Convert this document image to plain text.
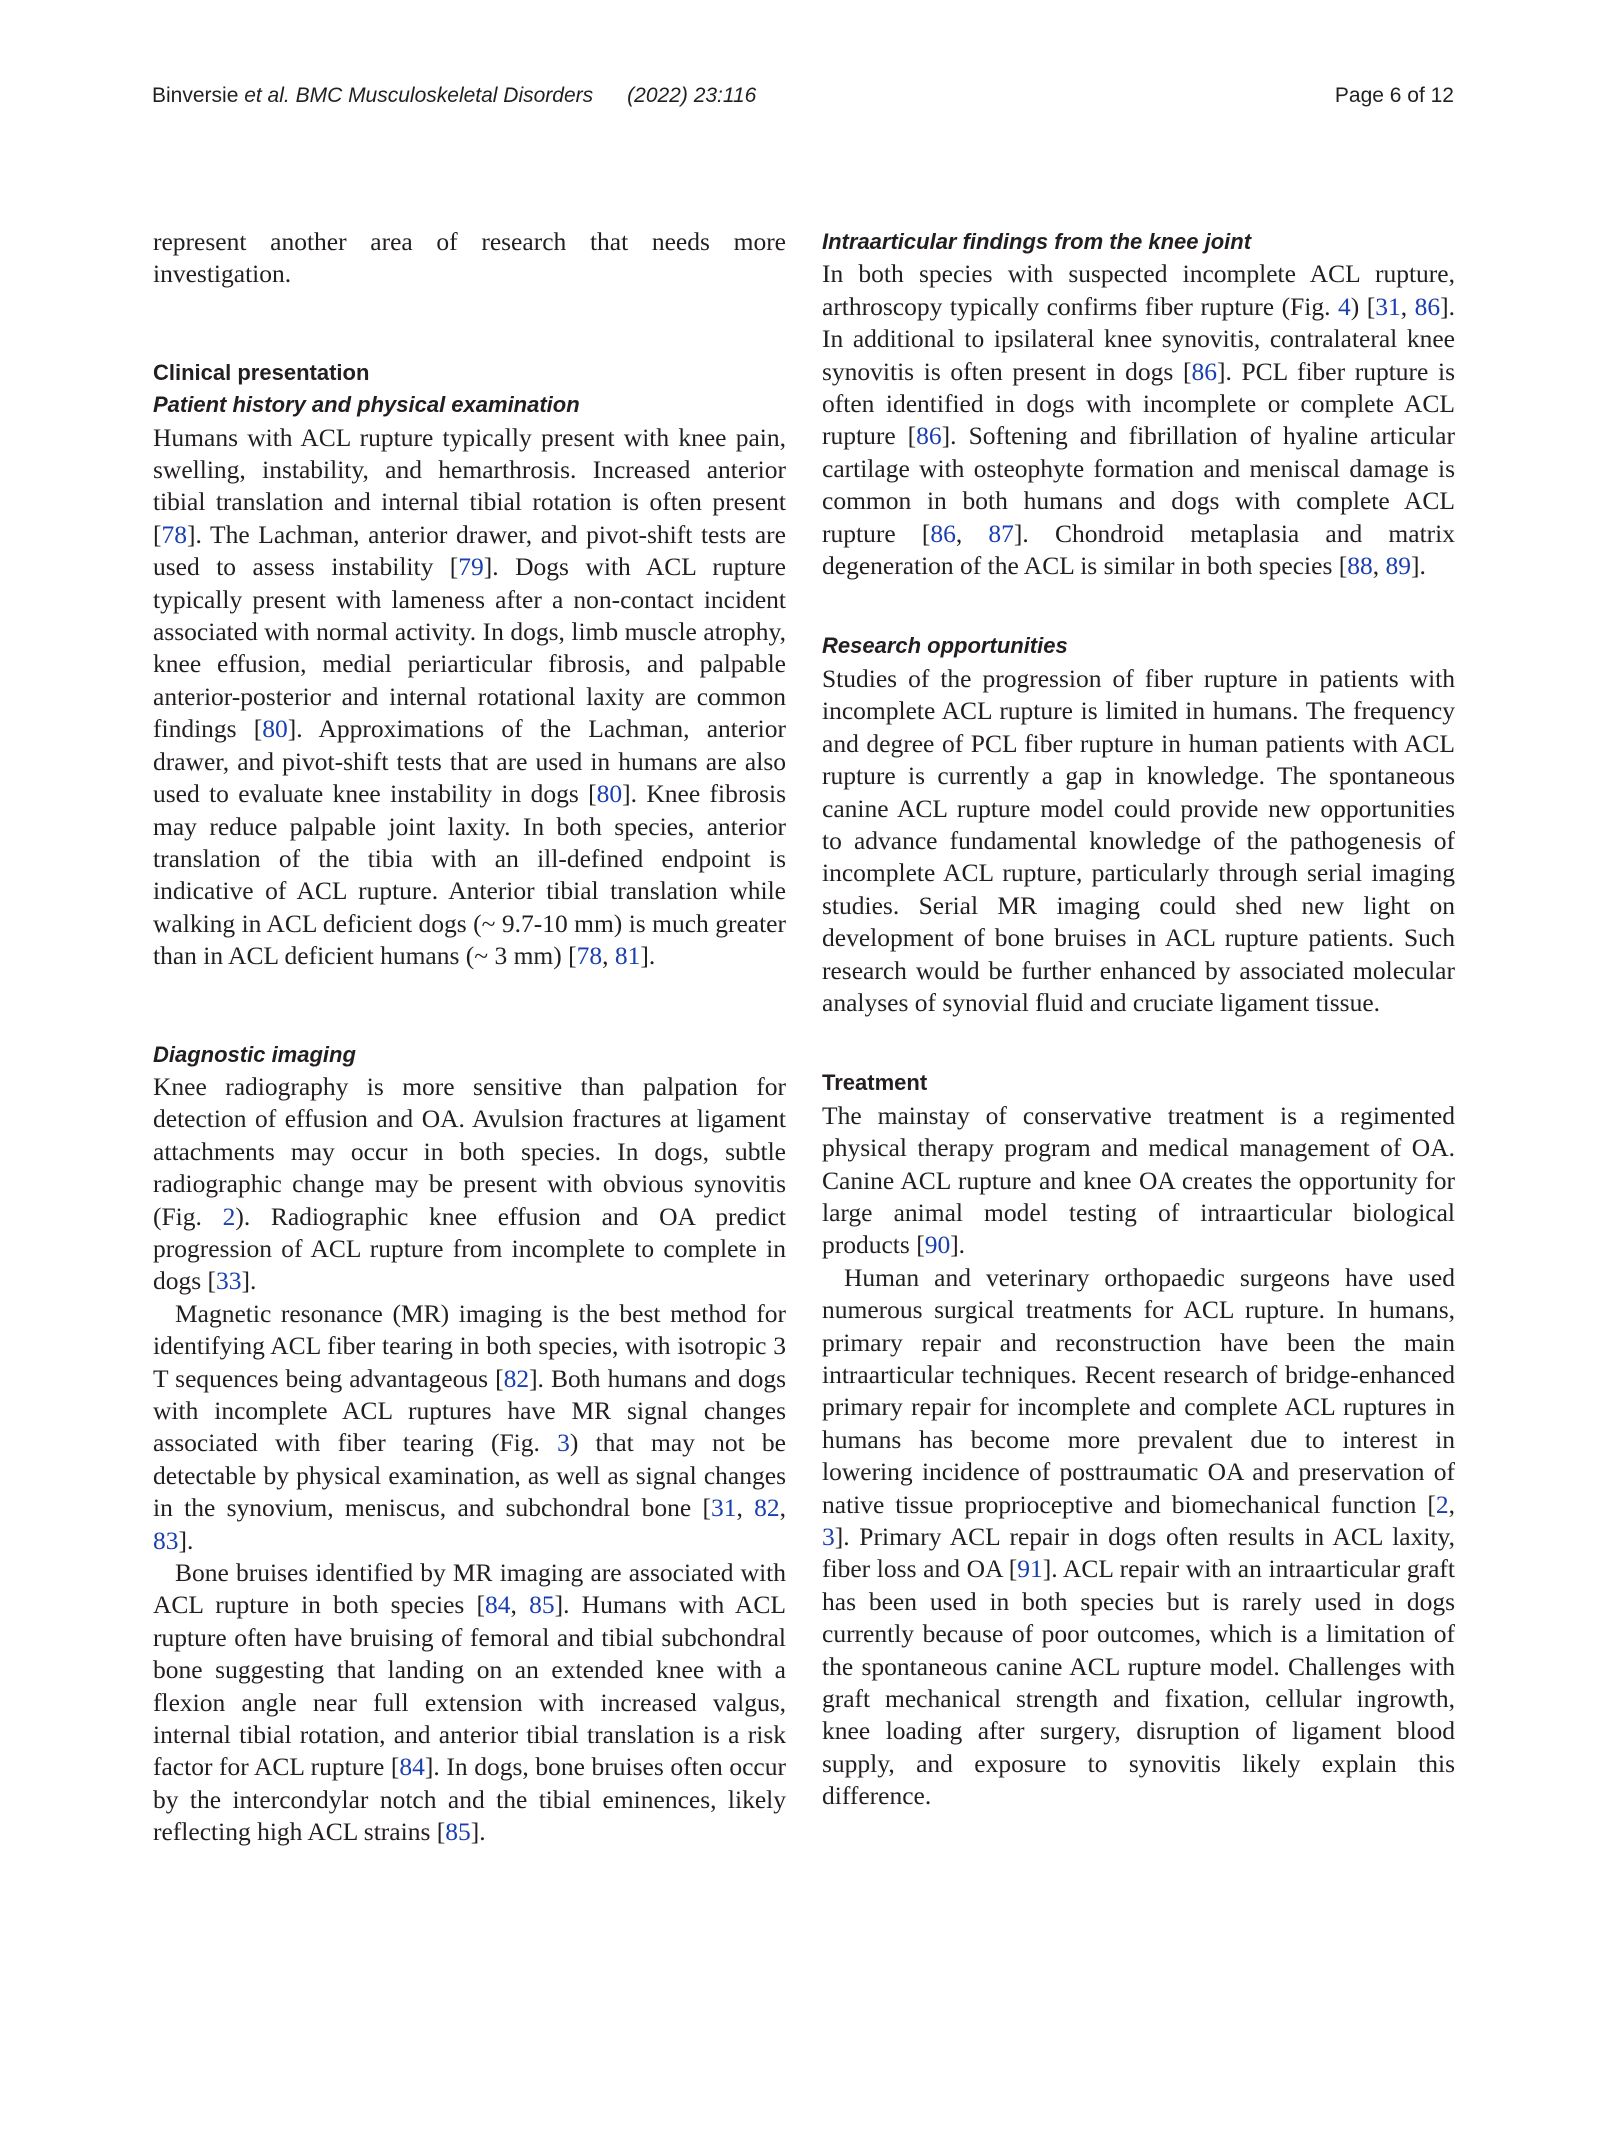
Binversie et al. BMC Musculoskeletal Disorders (2022) 23:116	Page 6 of 12

represent another area of research that needs more investigation.

Clinical presentation
Patient history and physical examination

Humans with ACL rupture typically present with knee pain, swelling, instability, and hemarthrosis. Increased anterior tibial translation and internal tibial rotation is often present [78]. The Lachman, anterior drawer, and pivot-shift tests are used to assess instability [79]. Dogs with ACL rupture typically present with lameness after a non-contact incident associated with normal activity. In dogs, limb muscle atrophy, knee effusion, medial periarticular fibrosis, and palpable anterior-posterior and internal rotational laxity are common findings [80]. Approximations of the Lachman, anterior drawer, and pivot-shift tests that are used in humans are also used to evaluate knee instability in dogs [80]. Knee fibrosis may reduce palpable joint laxity. In both species, anterior translation of the tibia with an ill-defined endpoint is indicative of ACL rupture. Anterior tibial translation while walking in ACL deficient dogs (~ 9.7-10 mm) is much greater than in ACL deficient humans (~ 3 mm) [78, 81].

Diagnostic imaging

Knee radiography is more sensitive than palpation for detection of effusion and OA. Avulsion fractures at ligament attachments may occur in both species. In dogs, subtle radiographic change may be present with obvious synovitis (Fig. 2). Radiographic knee effusion and OA predict progression of ACL rupture from incomplete to complete in dogs [33].

Magnetic resonance (MR) imaging is the best method for identifying ACL fiber tearing in both species, with isotropic 3 T sequences being advantageous [82]. Both humans and dogs with incomplete ACL ruptures have MR signal changes associated with fiber tearing (Fig. 3) that may not be detectable by physical examination, as well as signal changes in the synovium, meniscus, and subchondral bone [31, 82, 83].

Bone bruises identified by MR imaging are associated with ACL rupture in both species [84, 85]. Humans with ACL rupture often have bruising of femoral and tibial subchondral bone suggesting that landing on an extended knee with a flexion angle near full extension with increased valgus, internal tibial rotation, and anterior tibial translation is a risk factor for ACL rupture [84]. In dogs, bone bruises often occur by the intercondylar notch and the tibial eminences, likely reflecting high ACL strains [85].

Intraarticular findings from the knee joint

In both species with suspected incomplete ACL rupture, arthroscopy typically confirms fiber rupture (Fig. 4) [31, 86]. In additional to ipsilateral knee synovitis, contralateral knee synovitis is often present in dogs [86]. PCL fiber rupture is often identified in dogs with incomplete or complete ACL rupture [86]. Softening and fibrillation of hyaline articular cartilage with osteophyte formation and meniscal damage is common in both humans and dogs with complete ACL rupture [86, 87]. Chondroid metaplasia and matrix degeneration of the ACL is similar in both species [88, 89].

Research opportunities

Studies of the progression of fiber rupture in patients with incomplete ACL rupture is limited in humans. The frequency and degree of PCL fiber rupture in human patients with ACL rupture is currently a gap in knowledge. The spontaneous canine ACL rupture model could provide new opportunities to advance fundamental knowledge of the pathogenesis of incomplete ACL rupture, particularly through serial imaging studies. Serial MR imaging could shed new light on development of bone bruises in ACL rupture patients. Such research would be further enhanced by associated molecular analyses of synovial fluid and cruciate ligament tissue.

Treatment

The mainstay of conservative treatment is a regimented physical therapy program and medical management of OA. Canine ACL rupture and knee OA creates the opportunity for large animal model testing of intraarticular biological products [90].

Human and veterinary orthopaedic surgeons have used numerous surgical treatments for ACL rupture. In humans, primary repair and reconstruction have been the main intraarticular techniques. Recent research of bridge-enhanced primary repair for incomplete and complete ACL ruptures in humans has become more prevalent due to interest in lowering incidence of posttraumatic OA and preservation of native tissue proprioceptive and biomechanical function [2, 3]. Primary ACL repair in dogs often results in ACL laxity, fiber loss and OA [91]. ACL repair with an intraarticular graft has been used in both species but is rarely used in dogs currently because of poor outcomes, which is a limitation of the spontaneous canine ACL rupture model. Challenges with graft mechanical strength and fixation, cellular ingrowth, knee loading after surgery, disruption of ligament blood supply, and exposure to synovitis likely explain this difference.
